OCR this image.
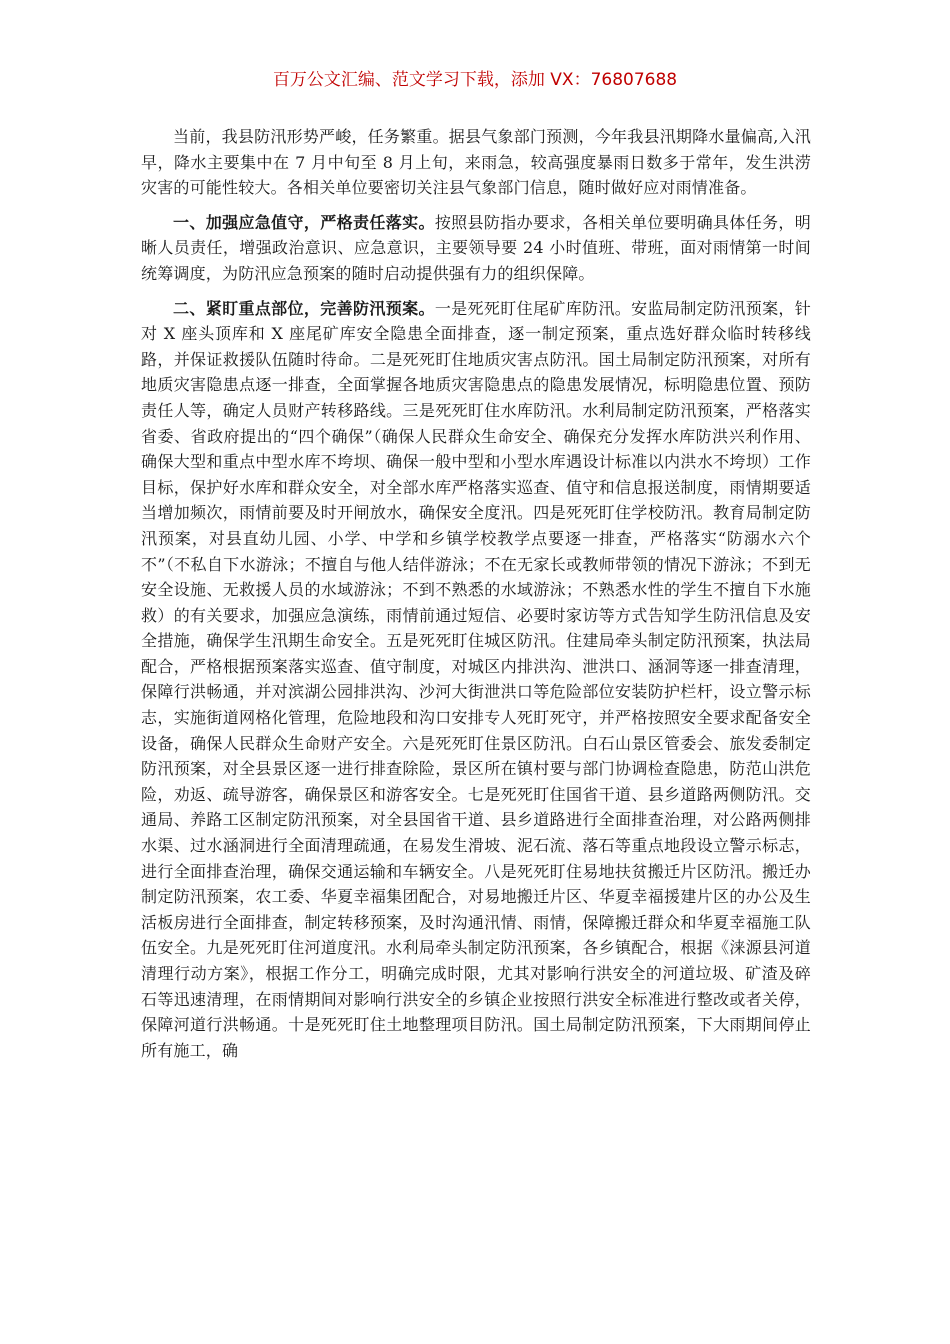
百万公文汇编、范文学习下载，添加 VX：76807688

当前，我县防汛形势严峻，任务繁重。据县气象部门预测，今年我县汛期降水量偏高,入汛早，降水主要集中在 7 月中旬至 8 月上旬，来雨急，较高强度暴雨日数多于常年，发生洪涝灾害的可能性较大。各相关单位要密切关注县气象部门信息，随时做好应对雨情准备。

一、加强应急值守，严格责任落实。按照县防指办要求，各相关单位要明确具体任务，明晰人员责任，增强政治意识、应急意识，主要领导要 24 小时值班、带班，面对雨情第一时间统筹调度，为防汛应急预案的随时启动提供强有力的组织保障。

二、紧盯重点部位，完善防汛预案。一是死死盯住尾矿库防汛。安监局制定防汛预案，针对 X 座头顶库和 X 座尾矿库安全隐患全面排查，逐一制定预案，重点选好群众临时转移线路，并保证救援队伍随时待命。二是死死盯住地质灾害点防汛。国土局制定防汛预案，对所有地质灾害隐患点逐一排查，全面掌握各地质灾害隐患点的隐患发展情况，标明隐患位置、预防责任人等，确定人员财产转移路线。三是死死盯住水库防汛。水利局制定防汛预案，严格落实省委、省政府提出的“四个确保”（确保人民群众生命安全、确保充分发挥水库防洪兴利作用、确保大型和重点中型水库不垮坝、确保一般中型和小型水库遇设计标准以内洪水不垮坝）工作目标，保护好水库和群众安全，对全部水库严格落实巡查、值守和信息报送制度，雨情期要适当增加频次，雨情前要及时开闸放水，确保安全度汛。四是死死盯住学校防汛。教育局制定防汛预案，对县直幼儿园、小学、中学和乡镇学校教学点要逐一排查，严格落实“防溺水六个不”（不私自下水游泳；不擅自与他人结伴游泳；不在无家长或教师带领的情况下游泳；不到无安全设施、无救援人员的水域游泳；不到不熟悉的水域游泳；不熟悉水性的学生不擅自下水施救）的有关要求，加强应急演练，雨情前通过短信、必要时家访等方式告知学生防汛信息及安全措施，确保学生汛期生命安全。五是死死盯住城区防汛。住建局牵头制定防汛预案，执法局配合，严格根据预案落实巡查、值守制度，对城区内排洪沟、泄洪口、涵洞等逐一排查清理，保障行洪畅通，并对滨湖公园排洪沟、沙河大街泄洪口等危险部位安装防护栏杆，设立警示标志，实施街道网格化管理，危险地段和沟口安排专人死盯死守，并严格按照安全要求配备安全设备，确保人民群众生命财产安全。六是死死盯住景区防汛。白石山景区管委会、旅发委制定防汛预案，对全县景区逐一进行排查除险，景区所在镇村要与部门协调检查隐患，防范山洪危险，劝返、疏导游客，确保景区和游客安全。七是死死盯住国省干道、县乡道路两侧防汛。交通局、养路工区制定防汛预案，对全县国省干道、县乡道路进行全面排查治理，对公路两侧排水渠、过水涵洞进行全面清理疏通，在易发生滑坡、泥石流、落石等重点地段设立警示标志，进行全面排查治理，确保交通运输和车辆安全。八是死死盯住易地扶贫搬迁片区防汛。搬迁办制定防汛预案，农工委、华夏幸福集团配合，对易地搬迁片区、华夏幸福援建片区的办公及生活板房进行全面排查，制定转移预案，及时沟通汛情、雨情，保障搬迁群众和华夏幸福施工队伍安全。九是死死盯住河道度汛。水利局牵头制定防汛预案，各乡镇配合，根据《涞源县河道清理行动方案》，根据工作分工，明确完成时限，尤其对影响行洪安全的河道垃圾、矿渣及碎石等迅速清理，在雨情期间对影响行洪安全的乡镇企业按照行洪安全标准进行整改或者关停，保障河道行洪畅通。十是死死盯住土地整理项目防汛。国土局制定防汛预案，下大雨期间停止所有施工，确
